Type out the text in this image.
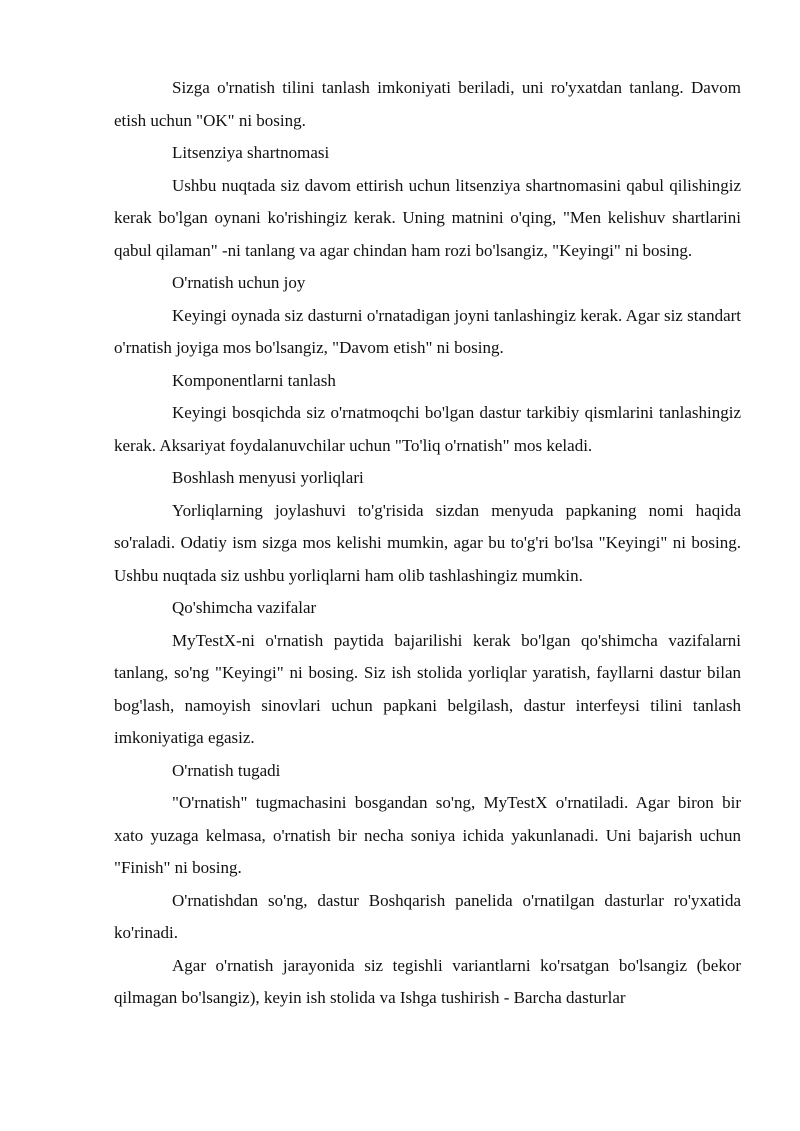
Sizga o'rnatish tilini tanlash imkoniyati beriladi, uni ro'yxatdan tanlang. Davom etish uchun "OK" ni bosing.

Litsenziya shartnomasi

Ushbu nuqtada siz davom ettirish uchun litsenziya shartnomasini qabul qilishingiz kerak bo'lgan oynani ko'rishingiz kerak. Uning matnini o'qing, "Men kelishuv shartlarini qabul qilaman" -ni tanlang va agar chindan ham rozi bo'lsangiz, "Keyingi" ni bosing.

O'rnatish uchun joy

Keyingi oynada siz dasturni o'rnatadigan joyni tanlashingiz kerak. Agar siz standart o'rnatish joyiga mos bo'lsangiz, "Davom etish" ni bosing.

Komponentlarni tanlash

Keyingi bosqichda siz o'rnatmoqchi bo'lgan dastur tarkibiy qismlarini tanlashingiz kerak. Aksariyat foydalanuvchilar uchun "To'liq o'rnatish" mos keladi.

Boshlash menyusi yorliqlari

Yorliqlarning joylashuvi to'g'risida sizdan menyuda papkaning nomi haqida so'raladi. Odatiy ism sizga mos kelishi mumkin, agar bu to'g'ri bo'lsa "Keyingi" ni bosing. Ushbu nuqtada siz ushbu yorliqlarni ham olib tashlashingiz mumkin.

Qo'shimcha vazifalar

MyTestX-ni o'rnatish paytida bajarilishi kerak bo'lgan qo'shimcha vazifalarni tanlang, so'ng "Keyingi" ni bosing. Siz ish stolida yorliqlar yaratish, fayllarni dastur bilan bog'lash, namoyish sinovlari uchun papkani belgilash, dastur interfeysi tilini tanlash imkoniyatiga egasiz.

O'rnatish tugadi

"O'rnatish" tugmachasini bosgandan so'ng, MyTestX o'rnatiladi. Agar biron bir xato yuzaga kelmasa, o'rnatish bir necha soniya ichida yakunlanadi. Uni bajarish uchun "Finish" ni bosing.

O'rnatishdan so'ng, dastur Boshqarish panelida o'rnatilgan dasturlar ro'yxatida ko'rinadi.

Agar o'rnatish jarayonida siz tegishli variantlarni ko'rsatgan bo'lsangiz (bekor qilmagan bo'lsangiz), keyin ish stolida va Ishga tushirish - Barcha dasturlar
